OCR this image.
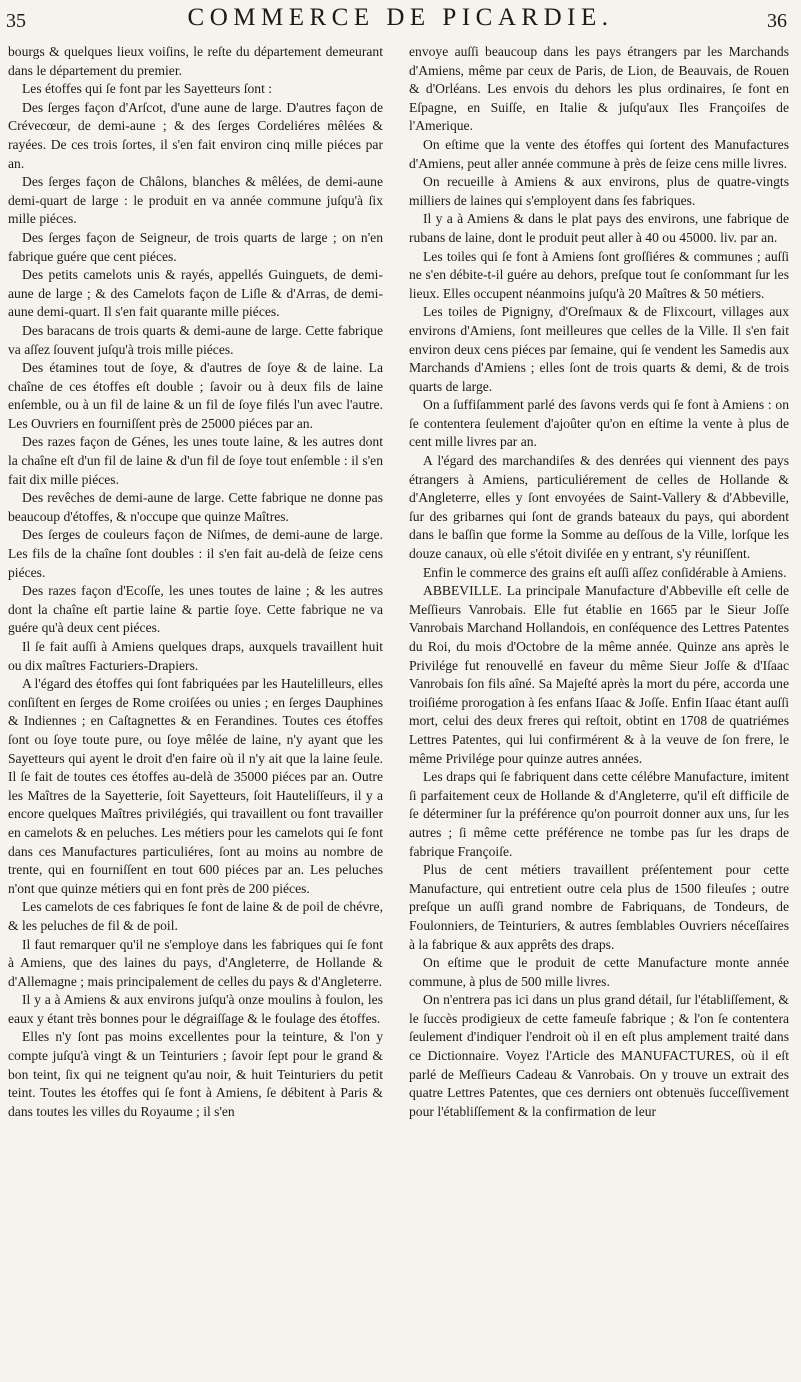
35	COMMERCE DE PICARDIE.	36

bourgs & quelques lieux voiſins, le reſte du département demeurant dans le département du premier.

Les étoffes qui ſe font par les Sayetteurs ſont :

Des ſerges façon d'Arſcot, d'une aune de large. D'autres façon de Crévecœur, de demi-aune ; & des ſerges Cordeliéres mêlées & rayées. De ces trois ſortes, il s'en fait environ cinq mille piéces par an.

Des ſerges façon de Châlons, blanches & mêlées, de demi-aune demi-quart de large : le produit en va année commune juſqu'à ſix mille piéces.

Des ſerges façon de Seigneur, de trois quarts de large ; on n'en fabrique guére que cent piéces.

Des petits camelots unis & rayés, appellés Guinguets, de demi-aune de large ; & des Camelots façon de Liſle & d'Arras, de demi-aune demi-quart. Il s'en fait quarante mille piéces.

Des baracans de trois quarts & demi-aune de large. Cette fabrique va aſſez ſouvent juſqu'à trois mille piéces.

Des étamines tout de ſoye, & d'autres de ſoye & de laine. La chaîne de ces étoffes eſt double ; ſavoir ou à deux fils de laine enſemble, ou à un fil de laine & un fil de ſoye filés l'un avec l'autre. Les Ouvriers en fourniſſent près de 25000 piéces par an.

Des razes façon de Génes, les unes toute laine, & les autres dont la chaîne eſt d'un fil de laine & d'un fil de ſoye tout enſemble : il s'en fait dix mille piéces.

Des revêches de demi-aune de large. Cette fabrique ne donne pas beaucoup d'étoffes, & n'occupe que quinze Maîtres.

Des ſerges de couleurs façon de Niſmes, de demi-aune de large. Les fils de la chaîne ſont doubles : il s'en fait au-delà de ſeize cens piéces.

Des razes façon d'Ecoſſe, les unes toutes de laine ; & les autres dont la chaîne eſt partie laine & partie ſoye. Cette fabrique ne va guére qu'à deux cent piéces.

Il ſe fait auſſi à Amiens quelques draps, auxquels travaillent huit ou dix maîtres Facturiers-Drapiers.

A l'égard des étoffes qui ſont fabriquées par les Hautelilleurs, elles conſiſtent en ſerges de Rome croiſées ou unies ; en ſerges Dauphines & Indiennes ; en Caſtagnettes & en Ferandines. Toutes ces étoffes ſont ou ſoye toute pure, ou ſoye mêlée de laine, n'y ayant que les Sayetteurs qui ayent le droit d'en faire où il n'y ait que la laine ſeule. Il ſe fait de toutes ces étoffes au-delà de 35000 piéces par an. Outre les Maîtres de la Sayetterie, ſoit Sayetteurs, ſoit Hauteliſſeurs, il y a encore quelques Maîtres privilégiés, qui travaillent ou font travailler en camelots & en peluches. Les métiers pour les camelots qui ſe font dans ces Manufactures particuliéres, ſont au moins au nombre de trente, qui en fourniſſent en tout 600 piéces par an. Les peluches n'ont que quinze métiers qui en font près de 200 piéces.

Les camelots de ces fabriques ſe font de laine & de poil de chévre, & les peluches de fil & de poil.

Il faut remarquer qu'il ne s'employe dans les fabriques qui ſe font à Amiens, que des laines du pays, d'Angleterre, de Hollande & d'Allemagne ; mais principalement de celles du pays & d'Angleterre.

Il y a à Amiens & aux environs juſqu'à onze moulins à foulon, les eaux y étant très bonnes pour le dégraiſſage & le foulage des étoffes.

Elles n'y ſont pas moins excellentes pour la teinture, & l'on y compte juſqu'à vingt & un Teinturiers ; ſavoir ſept pour le grand & bon teint, ſix qui ne teignent qu'au noir, & huit Teinturiers du petit teint. Toutes les étoffes qui ſe font à Amiens, ſe débitent à Paris & dans toutes les villes du Royaume ; il s'en

envoye auſſi beaucoup dans les pays étrangers par les Marchands d'Amiens, même par ceux de Paris, de Lion, de Beauvais, de Rouen & d'Orléans. Les envois du dehors les plus ordinaires, ſe font en Eſpagne, en Suiſſe, en Italie & juſqu'aux Iles Françoiſes de l'Amerique.

On eſtime que la vente des étoffes qui ſortent des Manufactures d'Amiens, peut aller année commune à près de ſeize cens mille livres.

On recueille à Amiens & aux environs, plus de quatre-vingts milliers de laines qui s'employent dans ſes fabriques.

Il y a à Amiens & dans le plat pays des environs, une fabrique de rubans de laine, dont le produit peut aller à 40 ou 45000. liv. par an.

Les toiles qui ſe font à Amiens ſont groſſiéres & communes ; auſſi ne s'en débite-t-il guére au dehors, preſque tout ſe conſommant ſur les lieux. Elles occupent néanmoins juſqu'à 20 Maîtres & 50 métiers.

Les toiles de Pignigny, d'Oreſmaux & de Flixcourt, villages aux environs d'Amiens, ſont meilleures que celles de la Ville. Il s'en fait environ deux cens piéces par ſemaine, qui ſe vendent les Samedis aux Marchands d'Amiens ; elles ſont de trois quarts & demi, & de trois quarts de large.

On a ſuffiſamment parlé des ſavons verds qui ſe font à Amiens : on ſe contentera ſeulement d'ajoûter qu'on en eſtime la vente à plus de cent mille livres par an.

A l'égard des marchandiſes & des denrées qui viennent des pays étrangers à Amiens, particuliérement de celles de Hollande & d'Angleterre, elles y ſont envoyées de Saint-Vallery & d'Abbeville, ſur des gribarnes qui ſont de grands bateaux du pays, qui abordent dans le baſſin que forme la Somme au deſſous de la Ville, lorſque les douze canaux, où elle s'étoit diviſée en y entrant, s'y réuniſſent.

Enfin le commerce des grains eſt auſſi aſſez conſidérable à Amiens.

ABBEVILLE. La principale Manufacture d'Abbeville eſt celle de Meſſieurs Vanrobais. Elle fut établie en 1665 par le Sieur Joſſe Vanrobais Marchand Hollandois, en conſéquence des Lettres Patentes du Roi, du mois d'Octobre de la même année. Quinze ans après le Privilége fut renouvellé en faveur du même Sieur Joſſe & d'Iſaac Vanrobais ſon fils aîné. Sa Majeſté après la mort du pére, accorda une troiſiéme prorogation à ſes enfans Iſaac & Joſſe. Enfin Iſaac étant auſſi mort, celui des deux freres qui reſtoit, obtint en 1708 de quatriémes Lettres Patentes, qui lui confirmérent & à la veuve de ſon frere, le même Privilége pour quinze autres années.

Les draps qui ſe fabriquent dans cette célébre Manufacture, imitent ſi parfaitement ceux de Hollande & d'Angleterre, qu'il eſt difficile de ſe déterminer ſur la préférence qu'on pourroit donner aux uns, ſur les autres ; ſi même cette préférence ne tombe pas ſur les draps de fabrique Françoiſe.

Plus de cent métiers travaillent préſentement pour cette Manufacture, qui entretient outre cela plus de 1500 fileuſes ; outre preſque un auſſi grand nombre de Fabriquans, de Tondeurs, de Foulonniers, de Teinturiers, & autres ſemblables Ouvriers néceſſaires à la fabrique & aux apprêts des draps.

On eſtime que le produit de cette Manufacture monte année commune, à plus de 500 mille livres.

On n'entrera pas ici dans un plus grand détail, ſur l'établiſſement, & le ſuccès prodigieux de cette fameuſe fabrique ; & l'on ſe contentera ſeulement d'indiquer l'endroit où il en eſt plus amplement traité dans ce Dictionnaire. Voyez l'Article des MANUFACTURES, où il eſt parlé de Meſſieurs Cadeau & Vanrobais. On y trouve un extrait des quatre Lettres Patentes, que ces derniers ont obtenuës ſucceſſivement pour l'établiſſement & la confirmation de leur
